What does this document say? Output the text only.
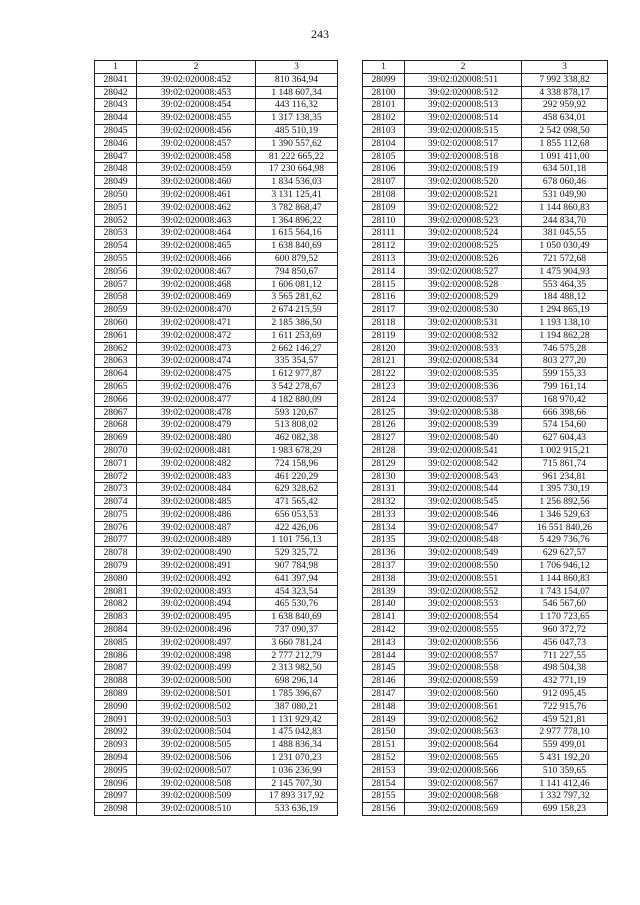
243
1	2	3
28041	39:02:020008:452	810 364,94
28042	39:02:020008:453	1 148 607,34
28043	39:02:020008:454	443 116,32
28044	39:02:020008:455	1 317 138,35
28045	39:02:020008:456	485 510,19
28046	39:02:020008:457	1 390 557,62
28047	39:02:020008:458	81 222 665,22
28048	39:02:020008:459	17 230 664,98
28049	39:02:020008:460	1 834 536,03
28050	39:02:020008:461	3 131 125,41
28051	39:02:020008:462	3 782 868,47
28052	39:02:020008:463	1 364 896,22
28053	39:02:020008:464	1 615 564,16
28054	39:02:020008:465	1 638 840,69
28055	39:02:020008:466	600 879,52
28056	39:02:020008:467	794 850,67
28057	39:02:020008:468	1 606 081,12
28058	39:02:020008:469	3 565 281,62
28059	39:02:020008:470	2 674 215,59
28060	39:02:020008:471	2 185 386,50
28061	39:02:020008:472	1 611 253,69
28062	39:02:020008:473	2 662 146,27
28063	39:02:020008:474	335 354,57
28064	39:02:020008:475	1 612 977,87
28065	39:02:020008:476	3 542 278,67
28066	39:02:020008:477	4 182 880,09
28067	39:02:020008:478	593 120,67
28068	39:02:020008:479	513 808,02
28069	39:02:020008:480	462 082,38
28070	39:02:020008:481	1 983 678,29
28071	39:02:020008:482	724 158,96
28072	39:02:020008:483	461 220,29
28073	39:02:020008:484	629 328,62
28074	39:02:020008:485	471 565,42
28075	39:02:020008:486	656 053,53
28076	39:02:020008:487	422 426,06
28077	39:02:020008:489	1 101 756,13
28078	39:02:020008:490	529 325,72
28079	39:02:020008:491	907 784,98
28080	39:02:020008:492	641 397,94
28081	39:02:020008:493	454 323,54
28082	39:02:020008:494	465 530,76
28083	39:02:020008:495	1 638 840,69
28084	39:02:020008:496	737 090,37
28085	39:02:020008:497	3 660 781,24
28086	39:02:020008:498	2 777 212,79
28087	39:02:020008:499	2 313 982,50
28088	39:02:020008:500	698 296,14
28089	39:02:020008:501	1 785 396,67
28090	39:02:020008:502	387 080,21
28091	39:02:020008:503	1 131 929,42
28092	39:02:020008:504	1 475 042,83
28093	39:02:020008:505	1 488 836,34
28094	39:02:020008:506	1 231 070,23
28095	39:02:020008:507	1 036 236,99
28096	39:02:020008:508	2 145 707,30
28097	39:02:020008:509	17 893 317,92
28098	39:02:020008:510	533 636,19
1	2	3
28099	39:02:020008:511	7 992 338,82
28100	39:02:020008:512	4 338 878,17
28101	39:02:020008:513	292 959,92
28102	39:02:020008:514	458 634,01
28103	39:02:020008:515	2 542 098,50
28104	39:02:020008:517	1 855 112,68
28105	39:02:020008:518	1 091 411,00
28106	39:02:020008:519	634 501,18
28107	39:02:020008:520	678 060,46
28108	39:02:020008:521	531 049,90
28109	39:02:020008:522	1 144 860,83
28110	39:02:020008:523	244 834,70
28111	39:02:020008:524	381 045,55
28112	39:02:020008:525	1 050 030,49
28113	39:02:020008:526	721 572,68
28114	39:02:020008:527	1 475 904,93
28115	39:02:020008:528	553 464,35
28116	39:02:020008:529	184 488,12
28117	39:02:020008:530	1 294 865,19
28118	39:02:020008:531	1 193 138,10
28119	39:02:020008:532	1 194 862,28
28120	39:02:020008:533	746 575,28
28121	39:02:020008:534	803 277,20
28122	39:02:020008:535	599 155,33
28123	39:02:020008:536	799 161,14
28124	39:02:020008:537	168 970,42
28125	39:02:020008:538	666 398,66
28126	39:02:020008:539	574 154,60
28127	39:02:020008:540	627 604,43
28128	39:02:020008:541	1 002 915,21
28129	39:02:020008:542	715 861,74
28130	39:02:020008:543	961 234,81
28131	39:02:020008:544	1 395 730,19
28132	39:02:020008:545	1 256 892,56
28133	39:02:020008:546	1 346 529,63
28134	39:02:020008:547	16 551 840,26
28135	39:02:020008:548	5 429 736,76
28136	39:02:020008:549	629 627,57
28137	39:02:020008:550	1 706 946,12
28138	39:02:020008:551	1 144 860,83
28139	39:02:020008:552	1 743 154,07
28140	39:02:020008:553	546 567,60
28141	39:02:020008:554	1 170 723,65
28142	39:02:020008:555	960 372,72
28143	39:02:020008:556	456 047,73
28144	39:02:020008:557	711 227,55
28145	39:02:020008:558	498 504,38
28146	39:02:020008:559	432 771,19
28147	39:02:020008:560	912 095,45
28148	39:02:020008:561	722 915,76
28149	39:02:020008:562	459 521,81
28150	39:02:020008:563	2 977 778,10
28151	39:02:020008:564	559 499,01
28152	39:02:020008:565	5 431 192,20
28153	39:02:020008:566	510 359,65
28154	39:02:020008:567	1 141 412,46
28155	39:02:020008:568	1 332 797,32
28156	39:02:020008:569	699 158,23
